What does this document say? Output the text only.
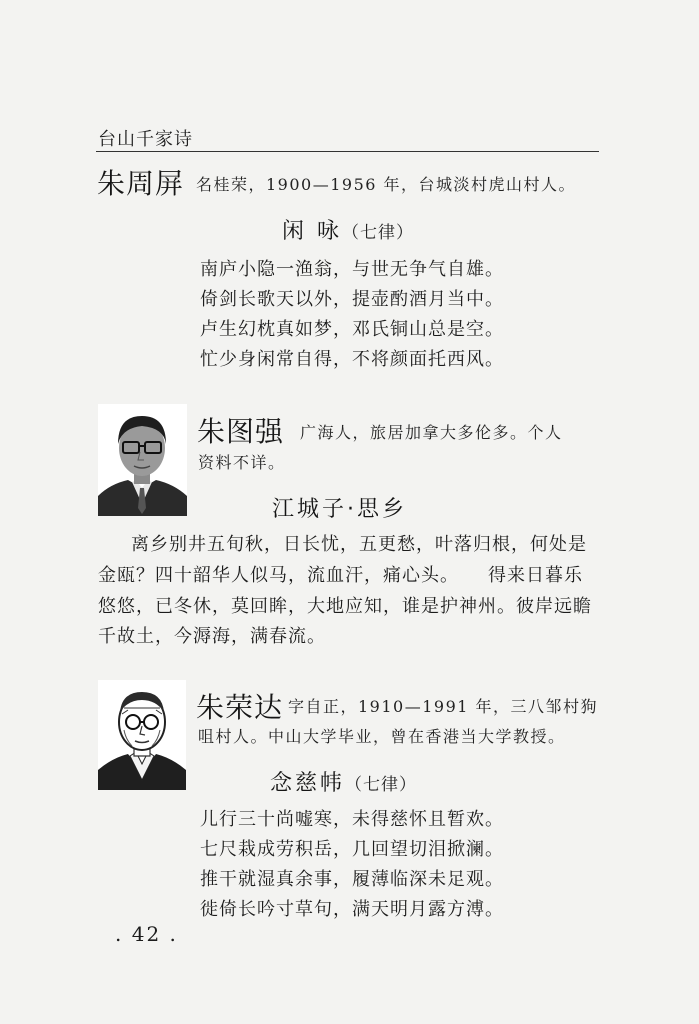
台山千家诗
朱周屏 名桂荣，1900—1956 年，台城淡村虎山村人。
闲 咏（七律）
南庐小隐一渔翁，与世无争气自雄。
倚剑长歌天以外，提壶酌酒月当中。
卢生幻枕真如梦，邓氏铜山总是空。
忙少身闲常自得，不将颜面托西风。
朱图强 广海人，旅居加拿大多伦多。个人
资料不详。
江城子·思乡
离乡别井五旬秋，日长忧，五更愁，叶落归根，何处是
金瓯？四十韶华人似马，流血汗，痛心头。　　得来日暮乐
悠悠，已冬休，莫回眸，大地应知，谁是护神州。彼岸远瞻
千故土，今溽海，满春流。
朱荣达 字自正，1910—1991 年，三八邹村狗
咀村人。中山大学毕业，曾在香港当大学教授。
念慈帏（七律）
儿行三十尚嘘寒，未得慈怀且暂欢。
七尺栽成劳积岳，几回望切泪掀澜。
推干就湿真余事，履薄临深未足观。
徙倚长吟寸草句，满天明月露方溥。
. 42 .
